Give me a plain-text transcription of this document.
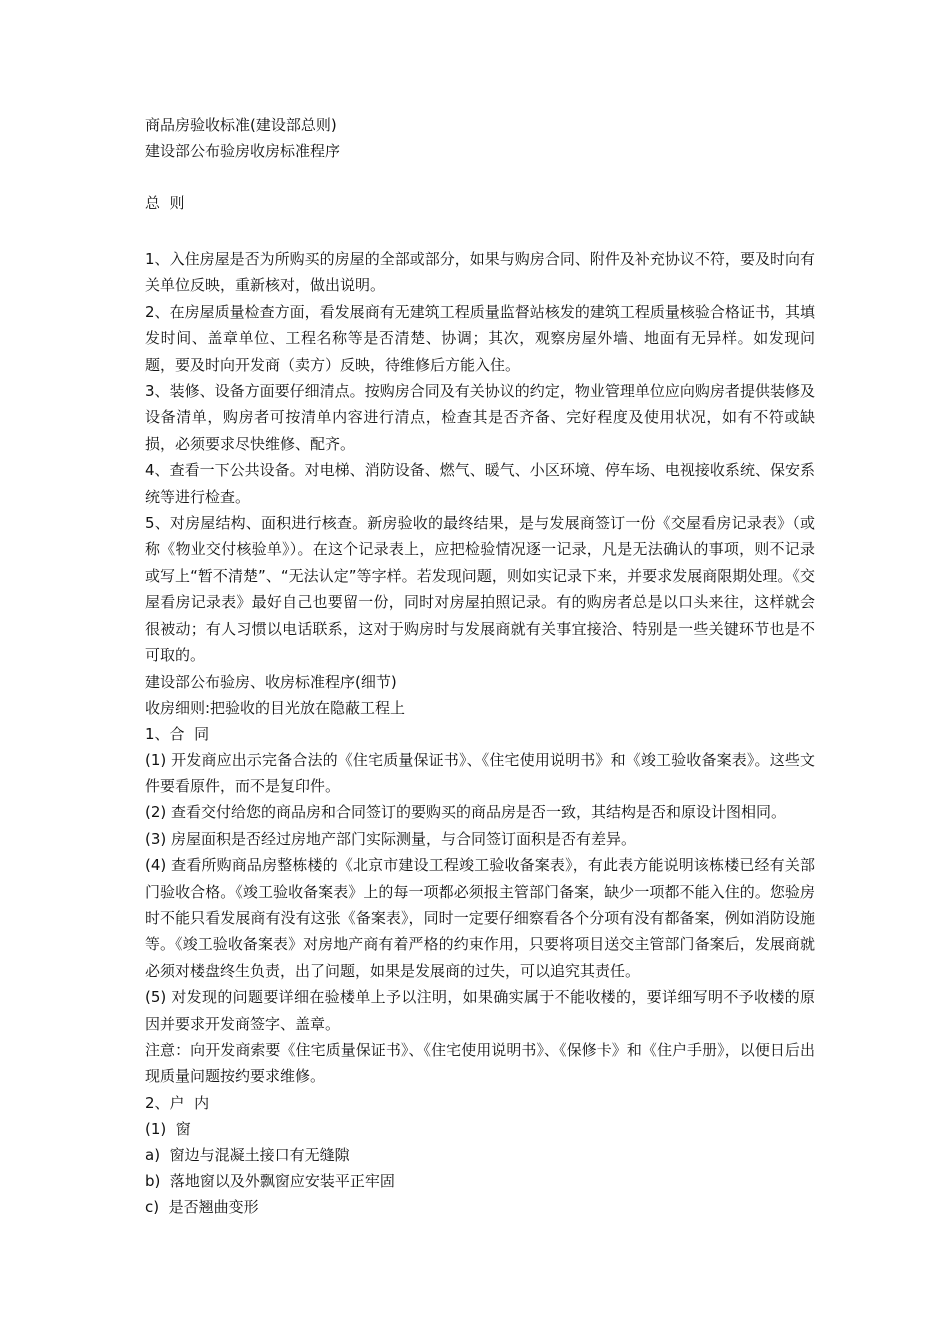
商品房验收标准(建设部总则)
建设部公布验房收房标准程序
总  则
1、入住房屋是否为所购买的房屋的全部或部分，如果与购房合同、附件及补充协议不符，要及时向有关单位反映，重新核对，做出说明。
2、在房屋质量检查方面，看发展商有无建筑工程质量监督站核发的建筑工程质量核验合格证书，其填发时间、盖章单位、工程名称等是否清楚、协调；其次，观察房屋外墙、地面有无异样。如发现问题，要及时向开发商（卖方）反映，待维修后方能入住。
3、装修、设备方面要仔细清点。按购房合同及有关协议的约定，物业管理单位应向购房者提供装修及设备清单，购房者可按清单内容进行清点，检查其是否齐备、完好程度及使用状况，如有不符或缺损，必须要求尽快维修、配齐。
4、查看一下公共设备。对电梯、消防设备、燃气、暖气、小区环境、停车场、电视接收系统、保安系统等进行检查。
5、对房屋结构、面积进行核查。新房验收的最终结果，是与发展商签订一份《交屋看房记录表》（或称《物业交付核验单》）。在这个记录表上，应把检验情况逐一记录，凡是无法确认的事项，则不记录或写上“暂不清楚”、“无法认定”等字样。若发现问题，则如实记录下来，并要求发展商限期处理。《交屋看房记录表》最好自己也要留一份，同时对房屋拍照记录。有的购房者总是以口头来往，这样就会很被动；有人习惯以电话联系，这对于购房时与发展商就有关事宜接洽、特别是一些关键环节也是不可取的。
建设部公布验房、收房标准程序(细节)
收房细则:把验收的目光放在隐蔽工程上
1、合  同
(1) 开发商应出示完备合法的《住宅质量保证书》、《住宅使用说明书》和《竣工验收备案表》。这些文件要看原件，而不是复印件。
(2) 查看交付给您的商品房和合同签订的要购买的商品房是否一致，其结构是否和原设计图相同。
(3) 房屋面积是否经过房地产部门实际测量，与合同签订面积是否有差异。
(4) 查看所购商品房整栋楼的《北京市建设工程竣工验收备案表》，有此表方能说明该栋楼已经有关部门验收合格。《竣工验收备案表》上的每一项都必须报主管部门备案，缺少一项都不能入住的。您验房时不能只看发展商有没有这张《备案表》，同时一定要仔细察看各个分项有没有都备案，例如消防设施等。《竣工验收备案表》对房地产商有着严格的约束作用，只要将项目送交主管部门备案后，发展商就必须对楼盘终生负责，出了问题，如果是发展商的过失，可以追究其责任。
(5) 对发现的问题要详细在验楼单上予以注明，如果确实属于不能收楼的，要详细写明不予收楼的原因并要求开发商签字、盖章。
注意：向开发商索要《住宅质量保证书》、《住宅使用说明书》、《保修卡》和《住户手册》，以便日后出现质量问题按约要求维修。
2、户  内
(1)  窗
a)  窗边与混凝土接口有无缝隙
b)  落地窗以及外飘窗应安装平正牢固
c)  是否翘曲变形
